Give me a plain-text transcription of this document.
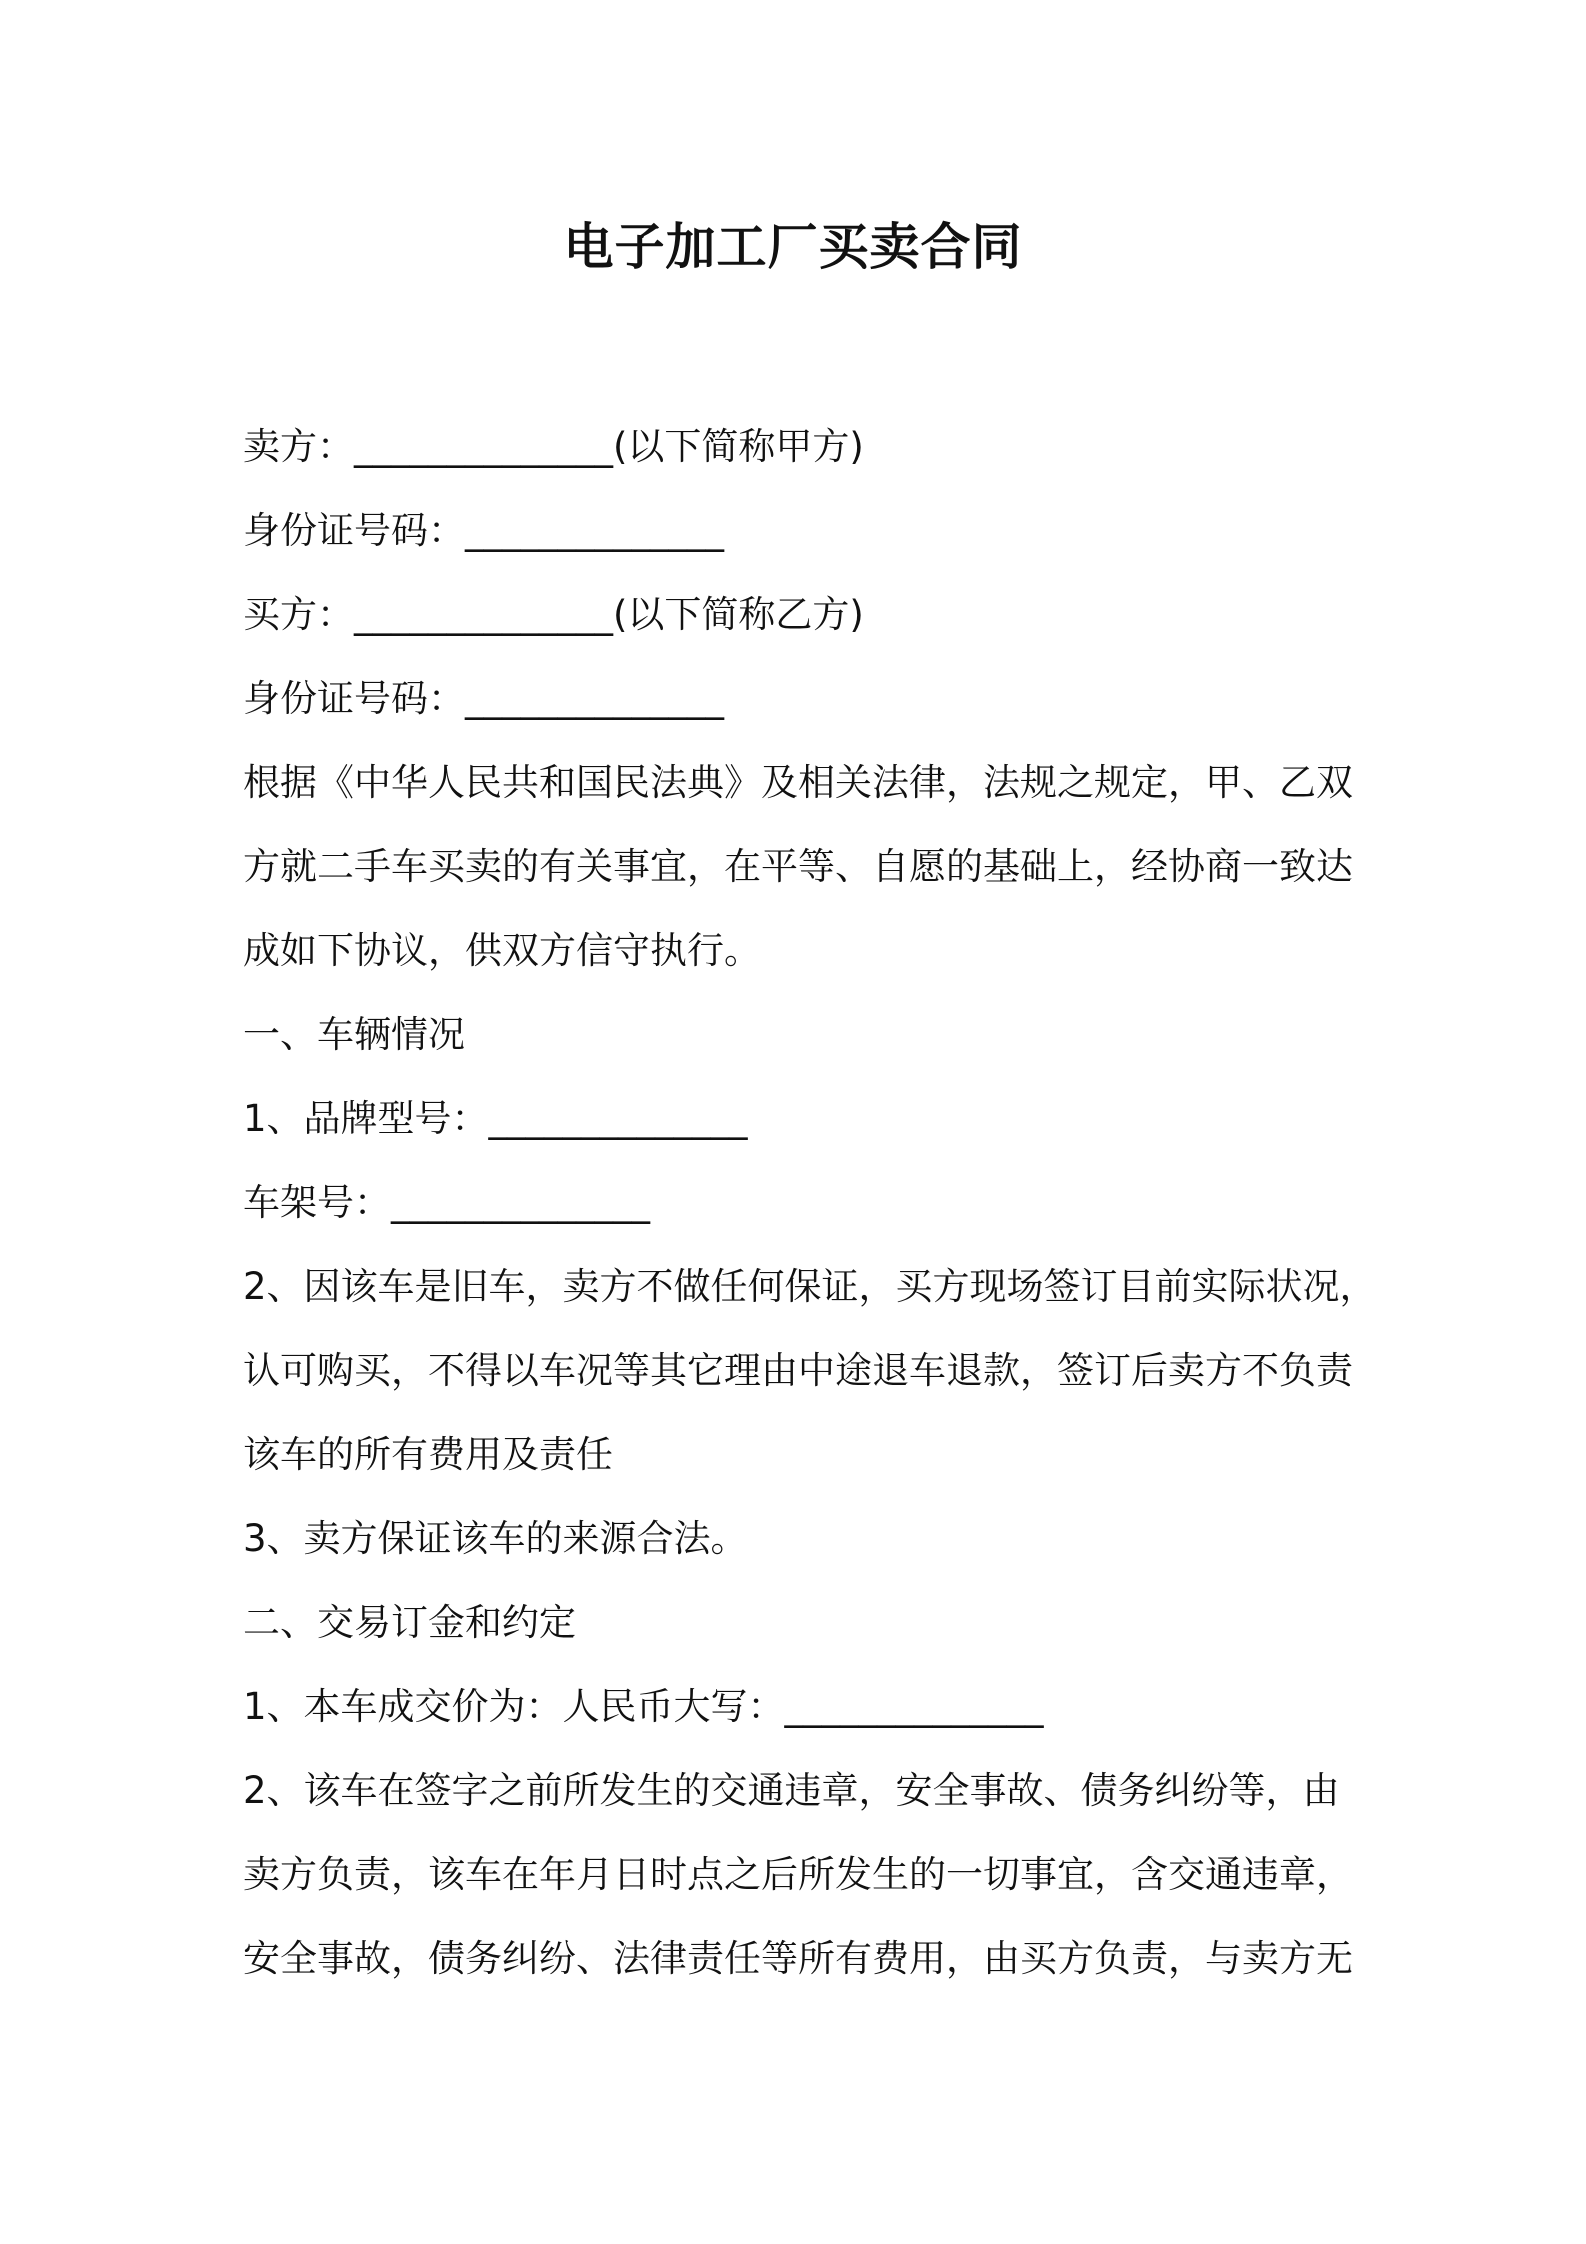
电子加工厂买卖合同

卖方：______________(以下简称甲方)

身份证号码：______________

买方：______________(以下简称乙方)

身份证号码：______________

根据《中华人民共和国民法典》及相关法律，法规之规定，甲、乙双

方就二手车买卖的有关事宜，在平等、自愿的基础上，经协商一致达

成如下协议，供双方信守执行。

一、车辆情况

1、品牌型号：______________

车架号：______________

2、因该车是旧车，卖方不做任何保证，买方现场签订目前实际状况，

认可购买，不得以车况等其它理由中途退车退款，签订后卖方不负责

该车的所有费用及责任

3、卖方保证该车的来源合法。

二、交易订金和约定

1、本车成交价为：人民币大写：______________

2、该车在签字之前所发生的交通违章，安全事故、债务纠纷等，由

卖方负责，该车在年月日时点之后所发生的一切事宜，含交通违章，

安全事故，债务纠纷、法律责任等所有费用，由买方负责，与卖方无
